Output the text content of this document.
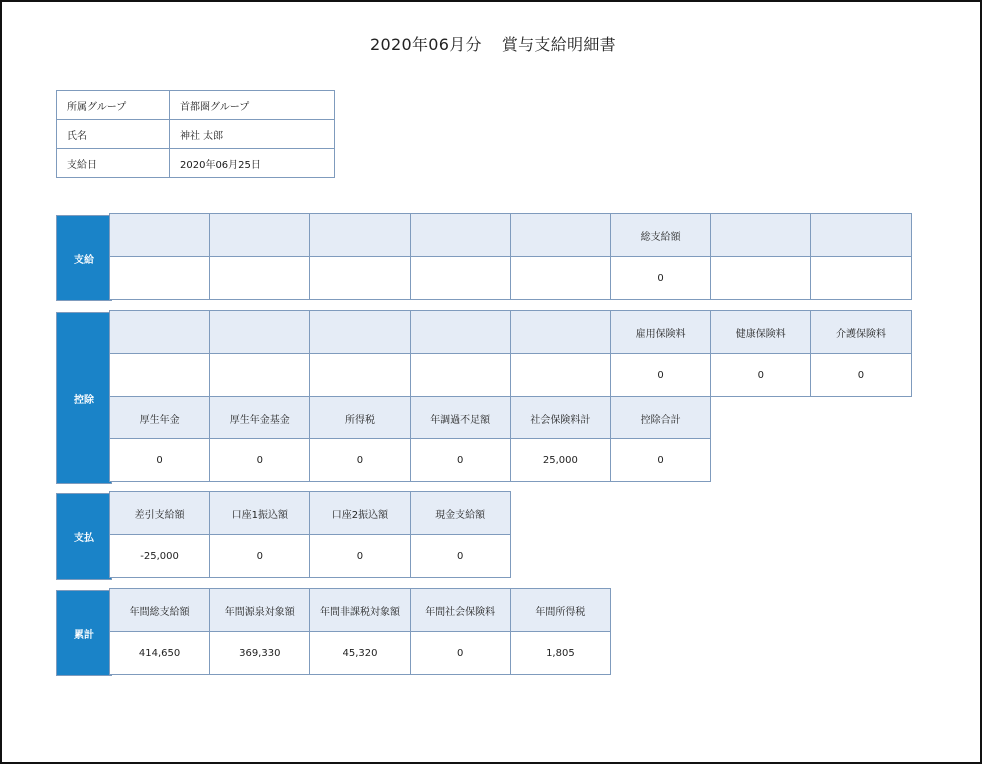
2020年06月分 賞与支給明細書
所属グループ	首都圏グループ
氏名	神社 太郎
支給日	2020年06月25日
支給
総支給額
0
控除
雇用保険料	健康保険料	介護保険料
0	0	0
厚生年金	厚生年金基金	所得税	年調過不足額	社会保険料計	控除合計
0	0	0	0	25,000	0
支払
差引支給額	口座1振込額	口座2振込額	現金支給額
-25,000	0	0	0
累計
年間総支給額	年間源泉対象額	年間非課税対象額	年間社会保険料	年間所得税
414,650	369,330	45,320	0	1,805
